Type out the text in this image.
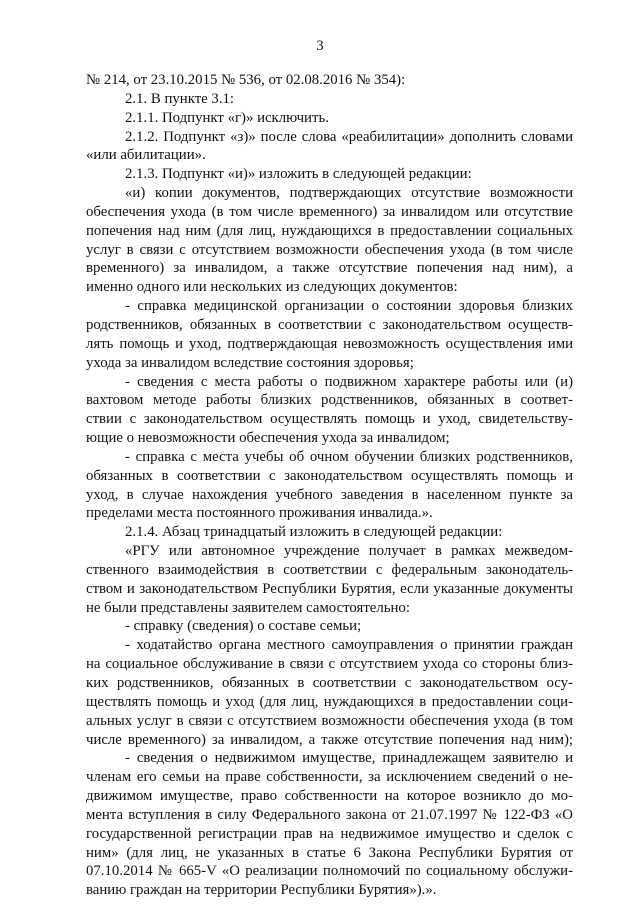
3
№ 214, от 23.10.2015 № 536, от 02.08.2016 № 354):
2.1. В пункте 3.1:
2.1.1. Подпункт «г)» исключить.
2.1.2. Подпункт «з)» после слова «реабилитации» дополнить словами
«или абилитации».
2.1.3. Подпункт «и)» изложить в следующей редакции:
«и) копии документов, подтверждающих отсутствие возможности
обеспечения ухода (в том числе временного) за инвалидом или отсутствие
попечения над ним (для лиц, нуждающихся в предоставлении социальных
услуг в связи с отсутствием возможности обеспечения ухода (в том числе
временного) за инвалидом, а также отсутствие попечения над ним), а
именно одного или нескольких из следующих документов:
- справка медицинской организации о состоянии здоровья близких
родственников, обязанных в соответствии с законодательством осуществ-
лять помощь и уход, подтверждающая невозможность осуществления ими
ухода за инвалидом вследствие состояния здоровья;
- сведения с места работы о подвижном характере работы или (и)
вахтовом методе работы близких родственников, обязанных в соответ-
ствии с законодательством осуществлять помощь и уход, свидетельству-
ющие о невозможности обеспечения ухода за инвалидом;
- справка с места учебы об очном обучении близких родственников,
обязанных в соответствии с законодательством осуществлять помощь и
уход, в случае нахождения учебного заведения в населенном пункте за
пределами места постоянного проживания инвалида.».
2.1.4. Абзац тринадцатый изложить в следующей редакции:
«РГУ или автономное учреждение получает в рамках межведом-
ственного взаимодействия в соответствии с федеральным законодатель-
ством и законодательством Республики Бурятия, если указанные документы
не были представлены заявителем самостоятельно:
- справку (сведения) о составе семьи;
- ходатайство органа местного самоуправления о принятии граждан
на социальное обслуживание в связи с отсутствием ухода со стороны близ-
ких родственников, обязанных в соответствии с законодательством осу-
ществлять помощь и уход (для лиц, нуждающихся в предоставлении соци-
альных услуг в связи с отсутствием возможности обеспечения ухода (в том
числе временного) за инвалидом, а также отсутствие попечения над ним);
- сведения о недвижимом имуществе, принадлежащем заявителю и
членам его семьи на праве собственности, за исключением сведений о не-
движимом имуществе, право собственности на которое возникло до мо-
мента вступления в силу Федерального закона от 21.07.1997 № 122-ФЗ «О
государственной регистрации прав на недвижимое имущество и сделок с
ним» (для лиц, не указанных в статье 6 Закона Республики Бурятия от
07.10.2014 № 665-V «О реализации полномочий по социальному обслужи-
ванию граждан на территории Республики Бурятия»).».
